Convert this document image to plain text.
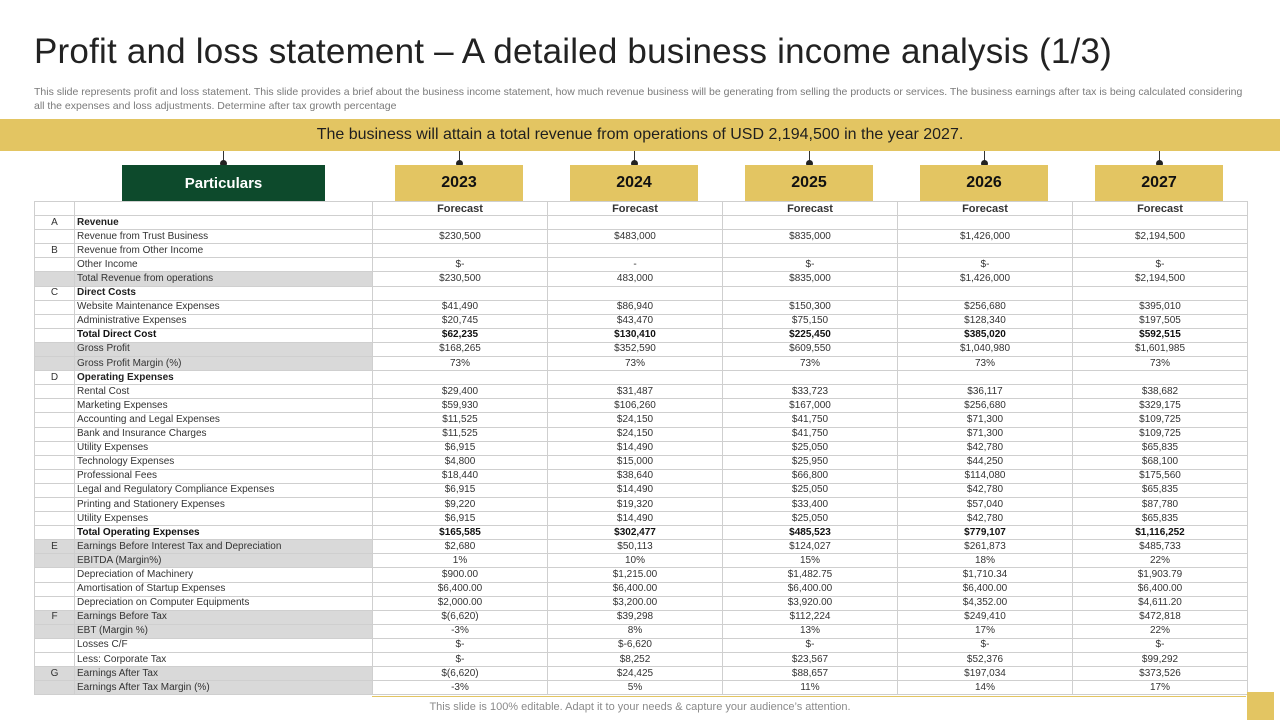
Profit and loss statement – A detailed business income analysis (1/3)

This slide represents profit and loss statement. This slide provides a brief about the business income statement, how much revenue business will be generating from selling the products or services. The business earnings after tax is being calculated considering all the expenses and loss adjustments. Determine after tax growth percentage

The business will attain a total revenue from operations of USD 2,194,500 in the year 2027.
Particulars	2023	2024	2025	2026	2027
		Forecast	Forecast	Forecast	Forecast	Forecast
A	Revenue					
	Revenue from Trust Business	$230,500	$483,000	$835,000	$1,426,000	$2,194,500
B	Revenue from Other Income					
	Other Income	$-	-	$-	$-	$-
	Total Revenue from operations	$230,500	483,000	$835,000	$1,426,000	$2,194,500
C	Direct Costs					
	Website Maintenance Expenses	$41,490	$86,940	$150,300	$256,680	$395,010
	Administrative Expenses	$20,745	$43,470	$75,150	$128,340	$197,505
	Total Direct Cost	$62,235	$130,410	$225,450	$385,020	$592,515
	Gross Profit	$168,265	$352,590	$609,550	$1,040,980	$1,601,985
	Gross Profit Margin (%)	73%	73%	73%	73%	73%
D	Operating Expenses					
	Rental Cost	$29,400	$31,487	$33,723	$36,117	$38,682
	Marketing Expenses	$59,930	$106,260	$167,000	$256,680	$329,175
	Accounting and Legal Expenses	$11,525	$24,150	$41,750	$71,300	$109,725
	Bank and Insurance Charges	$11,525	$24,150	$41,750	$71,300	$109,725
	Utility Expenses	$6,915	$14,490	$25,050	$42,780	$65,835
	Technology Expenses	$4,800	$15,000	$25,950	$44,250	$68,100
	Professional Fees	$18,440	$38,640	$66,800	$114,080	$175,560
	Legal and Regulatory Compliance Expenses	$6,915	$14,490	$25,050	$42,780	$65,835
	Printing and Stationery Expenses	$9,220	$19,320	$33,400	$57,040	$87,780
	Utility Expenses	$6,915	$14,490	$25,050	$42,780	$65,835
	Total Operating Expenses	$165,585	$302,477	$485,523	$779,107	$1,116,252
E	Earnings Before Interest Tax and Depreciation	$2,680	$50,113	$124,027	$261,873	$485,733
	EBITDA (Margin%)	1%	10%	15%	18%	22%
	Depreciation of Machinery	$900.00	$1,215.00	$1,482.75	$1,710.34	$1,903.79
	Amortisation of Startup Expenses	$6,400.00	$6,400.00	$6,400.00	$6,400.00	$6,400.00
	Depreciation on Computer Equipments	$2,000.00	$3,200.00	$3,920.00	$4,352.00	$4,611.20
F	Earnings Before Tax	$(6,620)	$39,298	$112,224	$249,410	$472,818
	EBT (Margin %)	-3%	8%	13%	17%	22%
	Losses C/F	$-	$-6,620	$-	$-	$-
	Less: Corporate Tax	$-	$8,252	$23,567	$52,376	$99,292
G	Earnings After Tax	$(6,620)	$24,425	$88,657	$197,034	$373,526
	Earnings After Tax Margin (%)	-3%	5%	11%	14%	17%
This slide is 100% editable. Adapt it to your needs & capture your audience’s attention.
